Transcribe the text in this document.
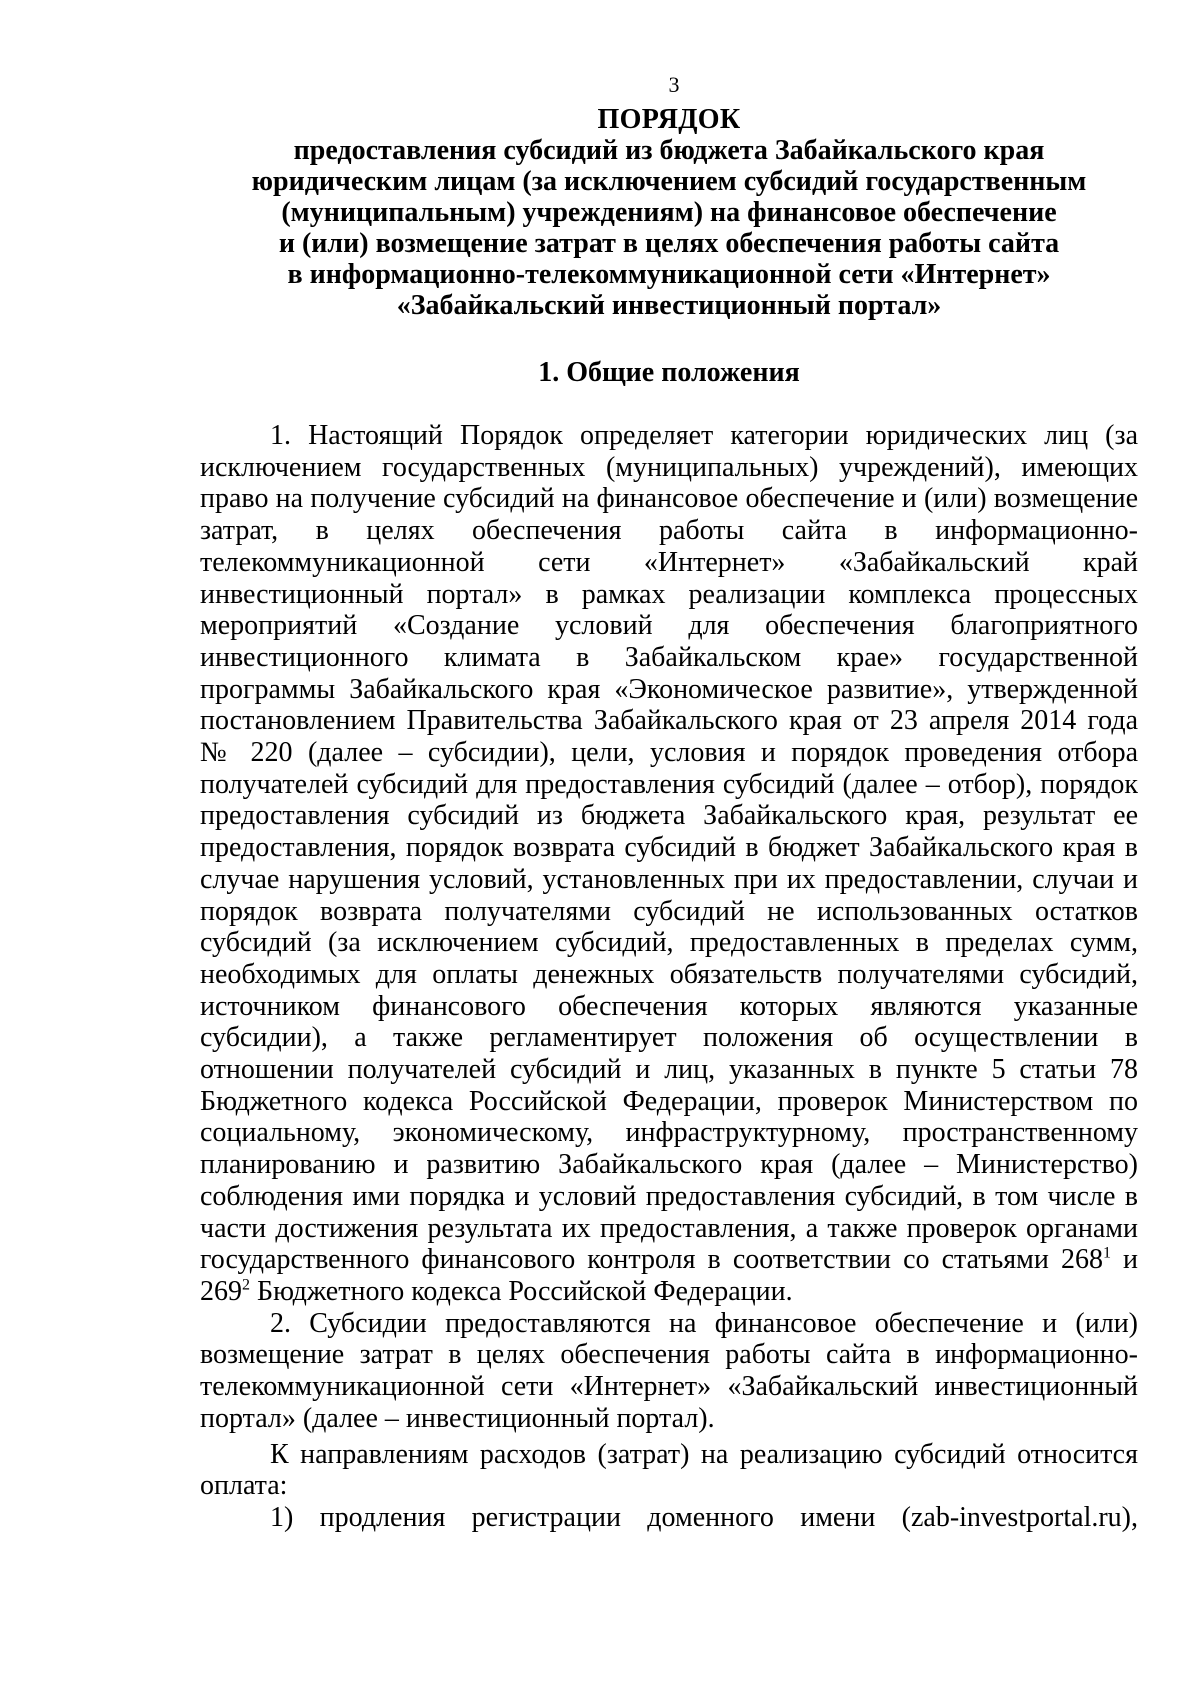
3
ПОРЯДОК
предоставления субсидий из бюджета Забайкальского края
юридическим лицам (за исключением субсидий государственным
(муниципальным) учреждениям) на финансовое обеспечение
и (или) возмещение затрат в целях обеспечения работы сайта
в информационно-телекоммуникационной сети «Интернет»
«Забайкальский инвестиционный портал»
1. Общие положения

1. Настоящий Порядок определяет категории юридических лиц (за исключением государственных (муниципальных) учреждений), имеющих право на получение субсидий на финансовое обеспечение и (или) возмещение затрат, в целях обеспечения работы сайта в информационно-телекоммуникационной сети «Интернет» «Забайкальский край инвестиционный портал» в рамках реализации комплекса процессных мероприятий «Создание условий для обеспечения благоприятного инвестиционного климата в Забайкальском крае» государственной программы Забайкальского края «Экономическое развитие», утвержденной постановлением Правительства Забайкальского края от 23 апреля 2014 года № 220 (далее – субсидии), цели, условия и порядок проведения отбора получателей субсидий для предоставления субсидий (далее – отбор), порядок предоставления субсидий из бюджета Забайкальского края, результат ее предоставления, порядок возврата субсидий в бюджет Забайкальского края в случае нарушения условий, установленных при их предоставлении, случаи и порядок возврата получателями субсидий не использованных остатков субсидий (за исключением субсидий, предоставленных в пределах сумм, необходимых для оплаты денежных обязательств получателями субсидий, источником финансового обеспечения которых являются указанные субсидии), а также регламентирует положения об осуществлении в отношении получателей субсидий и лиц, указанных в пункте 5 статьи 78 Бюджетного кодекса Российской Федерации, проверок Министерством по социальному, экономическому, инфраструктурному, пространственному планированию и развитию Забайкальского края (далее – Министерство) соблюдения ими порядка и условий предоставления субсидий, в том числе в части достижения результата их предоставления, а также проверок органами государственного финансового контроля в соответствии со статьями $268^1$ и $269^2$ Бюджетного кодекса Российской Федерации.

2. Субсидии предоставляются на финансовое обеспечение и (или) возмещение затрат в целях обеспечения работы сайта в информационно-телекоммуникационной сети «Интернет» «Забайкальский инвестиционный портал» (далее – инвестиционный портал).

К направлениям расходов (затрат) на реализацию субсидий относится оплата:

1) продления регистрации доменного имени (zab-investportal.ru),
